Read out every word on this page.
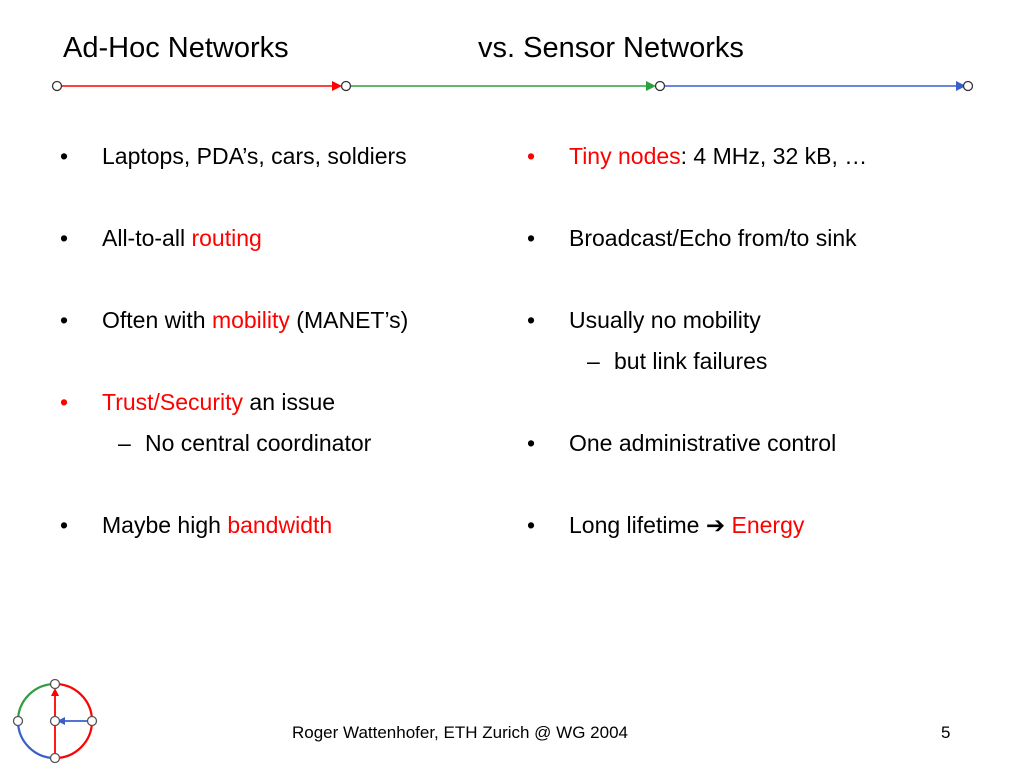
Ad-Hoc Networks	vs. Sensor Networks
• Laptops, PDA’s, cars, soldiers
• All-to-all routing
• Often with mobility (MANET’s)
• Trust/Security an issue
– No central coordinator
• Maybe high bandwidth
• Tiny nodes: 4 MHz, 32 kB, …
• Broadcast/Echo from/to sink
• Usually no mobility
– but link failures
• One administrative control
• Long lifetime ➔ Energy
Roger Wattenhofer, ETH Zurich @ WG 2004	5
